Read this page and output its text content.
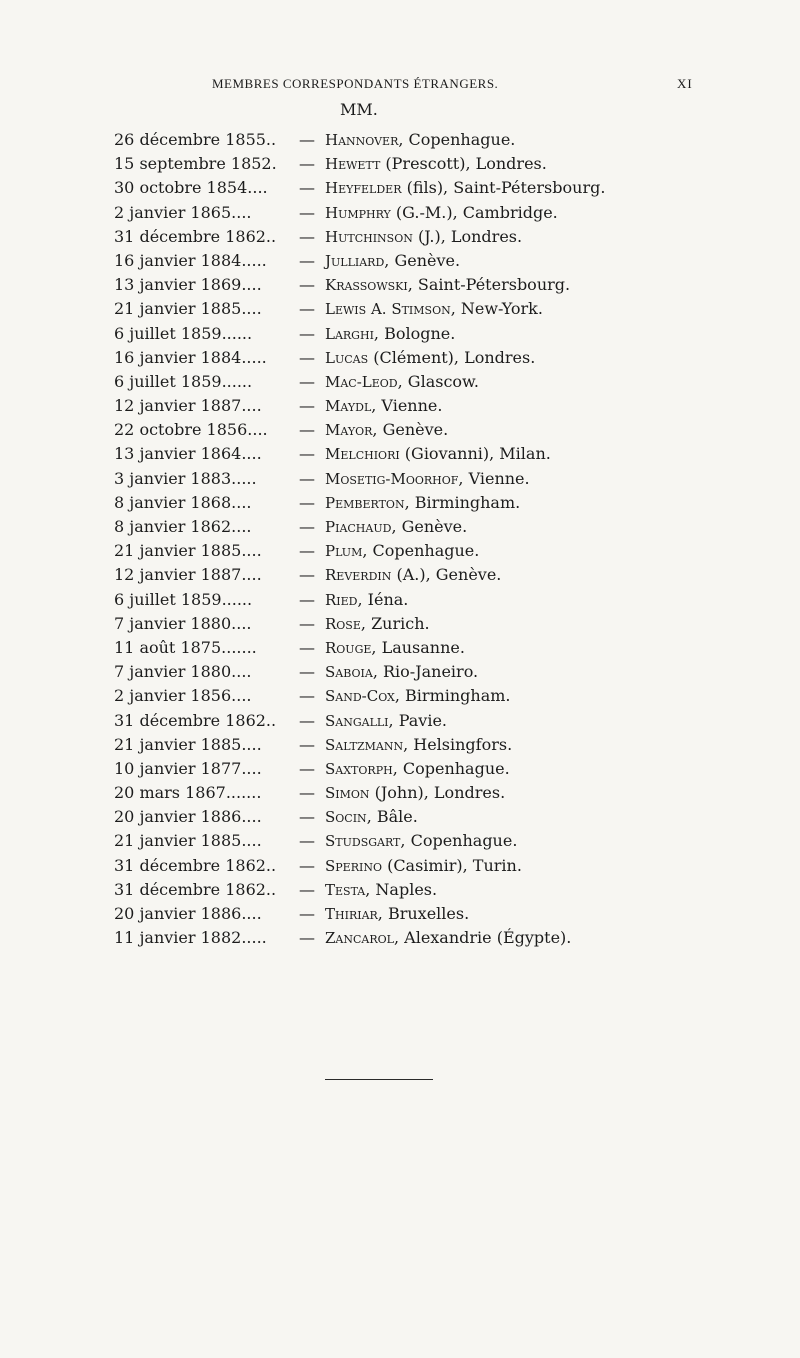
MEMBRES CORRESPONDANTS ÉTRANGERS.	XI
MM.
26 décembre 1855.. — Hannover, Copenhague.
15 septembre 1852. — Hewett (Prescott), Londres.
30 octobre 1854.... — Heyfelder (fils), Saint-Pétersbourg.
2 janvier 1865....	— Humphry (G.-M.), Cambridge.
31 décembre 1862.. — Hutchinson (J.), Londres.
16 janvier 1884..... — Julliard, Genève.
13 janvier 1869.... — Krassowski, Saint-Pétersbourg.
21 janvier 1885.... — Lewis A. Stimson, New-York.
6 juillet 1859......	— Larghi, Bologne.
16 janvier 1884..... — Lucas (Clément), Londres.
6 juillet 1859......	— Mac-Leod, Glascow.
12 janvier 1887.... — Maydl, Vienne.
22 octobre 1856.... — Mayor, Genève.
13 janvier 1864.... — Melchiori (Giovanni), Milan.
3 janvier 1883.....	— Mosetig-Moorhof, Vienne.
8 janvier 1868....	— Pemberton, Birmingham.
8 janvier 1862....	— Piachaud, Genève.
21 janvier 1885.... — Plum, Copenhague.
12 janvier 1887.... — Reverdin (A.), Genève.
6 juillet 1859......	— Ried, Iéna.
7 janvier 1880....	— Rose, Zurich.
11 août 1875.......	— Rouge, Lausanne.
7 janvier 1880....	— Saboia, Rio-Janeiro.
2 janvier 1856....	— Sand-Cox, Birmingham.
31 décembre 1862.. — Sangalli, Pavie.
21 janvier 1885.... — Saltzmann, Helsingfors.
10 janvier 1877.... — Saxtorph, Copenhague.
20 mars 1867....... — Simon (John), Londres.
20 janvier 1886.... — Socin, Bâle.
21 janvier 1885.... — Studsgart, Copenhague.
31 décembre 1862.. — Sperino (Casimir), Turin.
31 décembre 1862.. — Testa, Naples.
20 janvier 1886.... — Thiriar, Bruxelles.
11 janvier 1882..... — Zancarol, Alexandrie (Égypte).
